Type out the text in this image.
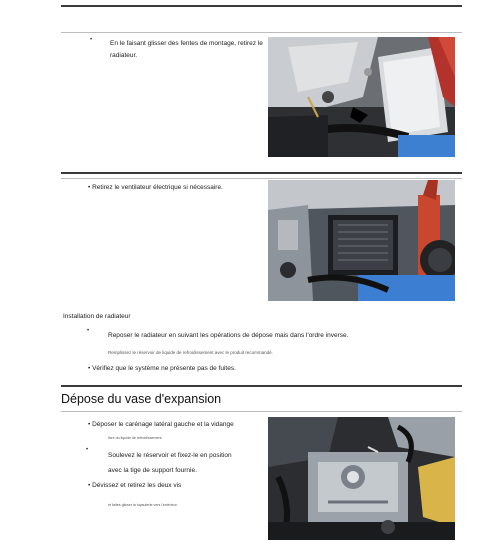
•	En le faisant glisser des fentes de montage, retirez le
radiateur.
• Retirez le ventilateur électrique si nécessaire.
Installation de radiateur
•
Reposer le radiateur en suivant les opérations de dépose mais dans l'ordre inverse.
Remplissez le réservoir de liquide de refroidissement avec le produit recommandé.
• Vérifiez que le système ne présente pas de fuites.
Dépose du vase d'expansion
• Déposer le carénage latéral gauche et la vidange
livre du liquide de refroidissement.
•
Soulevez le réservoir et fixez-le en position
avec la tige de support fournie.
• Dévissez et retirez les deux vis
et faites glisser la tuyauterie vers l'extérieur.
